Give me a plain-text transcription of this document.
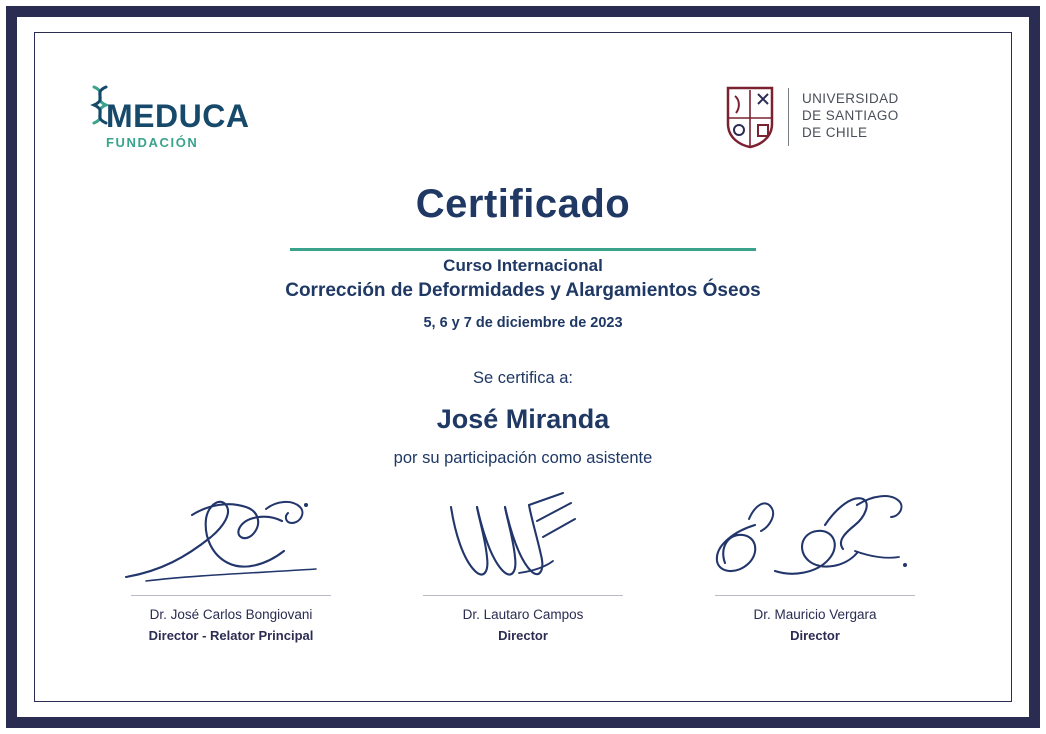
MEDUCA
FUNDACIÓN
UNIVERSIDAD
DE SANTIAGO
DE CHILE
Certificado
Curso Internacional
Corrección de Deformidades y Alargamientos Óseos
5, 6 y 7 de diciembre de 2023
Se certifica a:
José Miranda
por su participación como asistente
Dr. José Carlos Bongiovani
Director - Relator Principal
Dr. Lautaro Campos
Director
Dr. Mauricio Vergara
Director
